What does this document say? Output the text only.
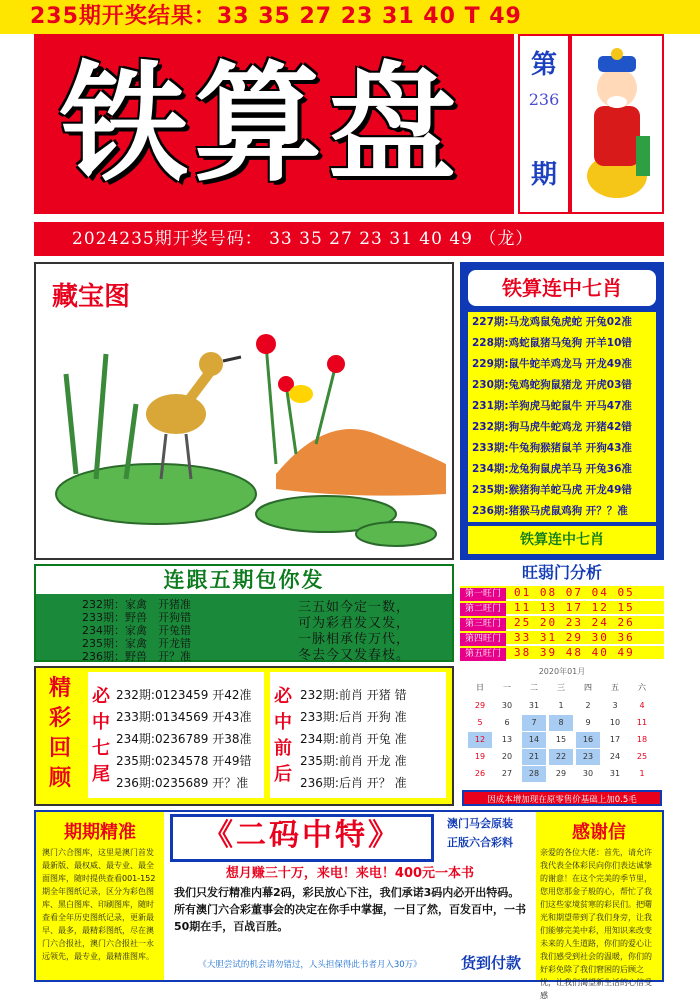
235期开奖结果：33 35 27 23 31 40 T 49
铁算盘	第
236
期
2024235期开奖号码： 33 35 27 23 31 40 49 （龙）
藏宝图	铁算连中七肖
227期:马龙鸡鼠兔虎蛇 开兔02准
228期:鸡蛇鼠猪马兔狗 开羊10错
229期:鼠牛蛇羊鸡龙马 开龙49准
230期:兔鸡蛇狗鼠猪龙 开虎03错
231期:羊狗虎马蛇鼠牛 开马47准
232期:狗马虎牛蛇鸡龙 开猪42错
233期:牛兔狗猴猪鼠羊 开狗43准
234期:龙兔狗鼠虎羊马 开兔36准
235期:猴猪狗羊蛇马虎 开龙49错
236期:猪猴马虎鼠鸡狗 开？？准
铁算连中七肖
连跟五期包你发
232期：家禽　开猪准
233期：野兽　开狗错
234期：家禽　开兔错
235期：家禽　开龙错
236期：野兽　开？准
三五如今定一数，
可为彩君发又发，
一脉相承传万代，
冬去今又发春枝。
旺弱门分析
第一旺门 01 08 07 04 05
第二旺门 11 13 17 12 15
第三旺门 25 20 23 24 26
第四旺门 33 31 29 30 36
第五旺门 38 39 48 40 49
精彩回顾
必中七尾
232期:0123459 开42准
233期:0134569 开43准
234期:0236789 开38准
235期:0234578 开49错
236期:0235689 开？准
必中前后
232期:前肖 开猪 错
233期:后肖 开狗 准
234期:前肖 开兔 准
235期:前肖 开龙 准
236期:后肖 开？ 准
2020年01月
日	一	二	三	四	五	六
29	30	31	1	2	3	4
5	6	7	8	9	10	11
12	13	14	15	16	17	18
19	20	21	22	23	24	25
26	27	28	29	30	31	1
因成本增加现在原零售价基础上加0.5毛
期期精准
澳门六合图库，这里是澳门首发最新版、最权威、最专业、最全面图库，随时提供查看001-152期全年图纸记录，区分为彩色图库、黑白图库、印刷图库，随时查看全年历史图纸记录，更新最早、最多，最精彩图纸，尽在澳门六合报社，澳门六合报社一永远领先，最专业，最精准图库。
《二码中特》	澳门马会原装
正版六合彩料
想月赚三十万，来电！来电！400元一本书
我们只发行精准内幕2码，彩民放心下注，我们承诺3码内必开出特码。所有澳门六合彩董事会的决定在你手中掌握，一目了然，百发百中，一书50期在手，百战百胜。
《大胆尝试的机会请勿错过，人头担保得此书者月入30万》	货到付款
感谢信
亲爱的各位大佬：首先，请允许我代表全体彩民向你们表达诚挚的谢意！在这个完美的季节里，您用您那金子般的心，帮忙了我们这些家境贫寒的彩民们。把曙光和期望带到了我们身旁，让我们能够完美中彩，用知识来改变未来的人生道路，你们的爱心让我们感受到社会的温暖，你们的好彩免除了我们窘困的后顾之忧，让我们渴望新生活的心信受感
